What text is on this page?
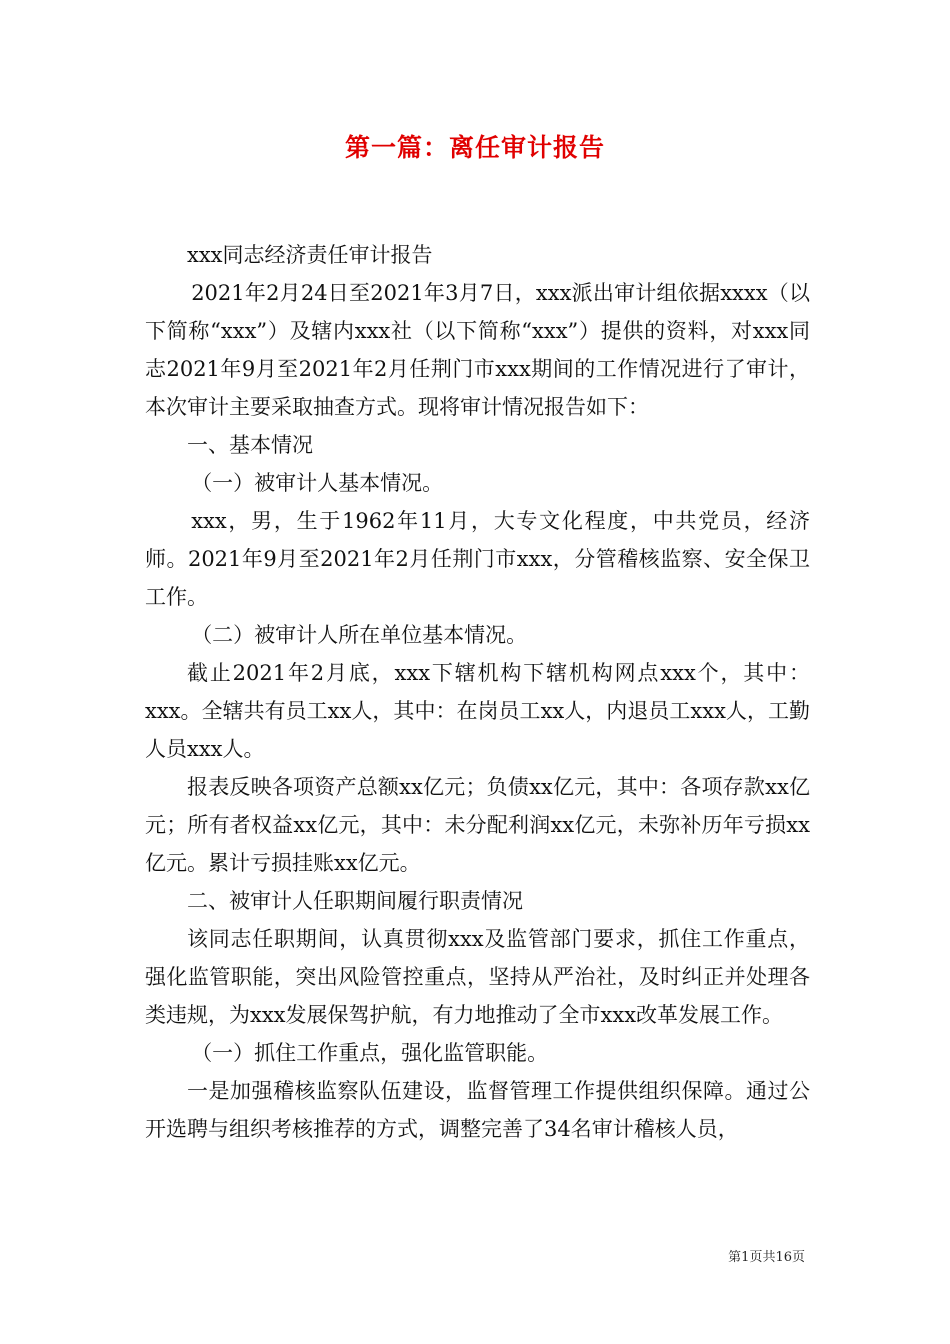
第一篇：离任审计报告

xxx同志经济责任审计报告

2021年2月24日至2021年3月7日，xxx派出审计组依据xxxx（以下简称“xxx”）及辖内xxx社（以下简称“xxx”）提供的资料，对xxx同志2021年9月至2021年2月任荆门市xxx期间的工作情况进行了审计，本次审计主要采取抽查方式。现将审计情况报告如下：

一、基本情况

（一）被审计人基本情况。

xxx，男，生于1962年11月，大专文化程度，中共党员，经济师。2021年9月至2021年2月任荆门市xxx，分管稽核监察、安全保卫工作。

（二）被审计人所在单位基本情况。

截止2021年2月底，xxx下辖机构下辖机构网点xxx个，其中：xxx。全辖共有员工xx人，其中：在岗员工xx人，内退员工xxx人，工勤人员xxx人。

报表反映各项资产总额xx亿元；负债xx亿元，其中：各项存款xx亿元；所有者权益xx亿元，其中：未分配利润xx亿元，未弥补历年亏损xx亿元。累计亏损挂账xx亿元。

二、被审计人任职期间履行职责情况

该同志任职期间，认真贯彻xxx及监管部门要求，抓住工作重点，强化监管职能，突出风险管控重点，坚持从严治社，及时纠正并处理各类违规，为xxx发展保驾护航，有力地推动了全市xxx改革发展工作。

（一）抓住工作重点，强化监管职能。

一是加强稽核监察队伍建设，监督管理工作提供组织保障。通过公开选聘与组织考核推荐的方式，调整完善了34名审计稽核人员，

第1页共16页
